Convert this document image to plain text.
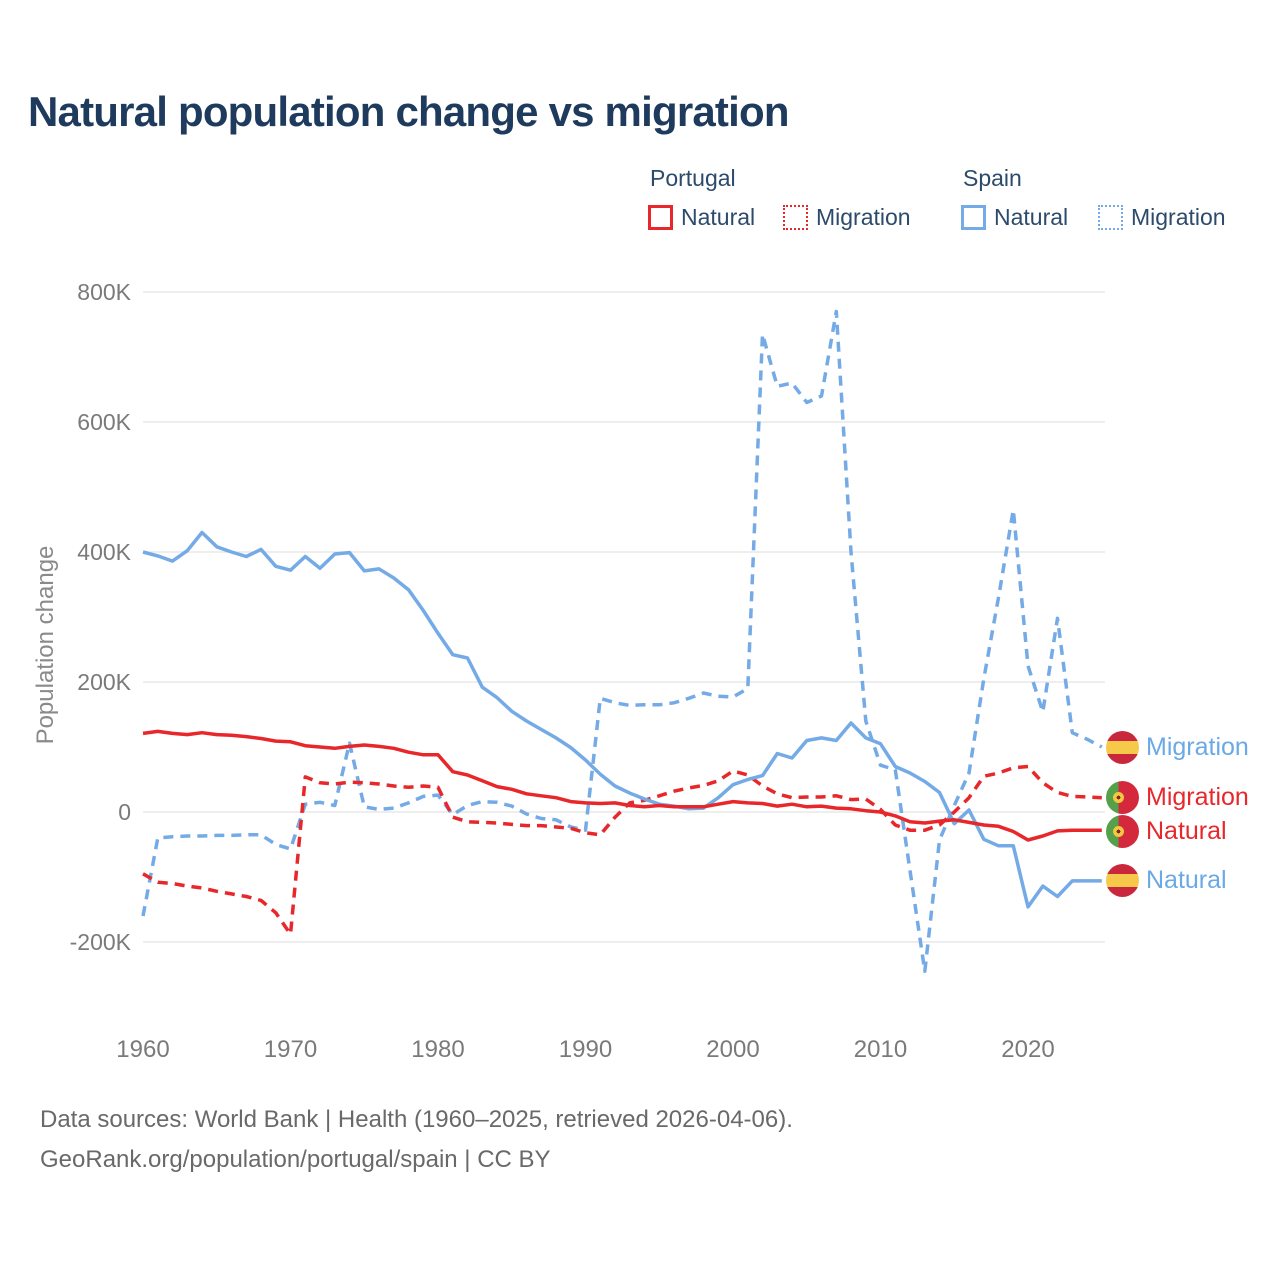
Natural population change vs migration
Portugal
Natural	Migration
Spain
Natural	Migration
Population change
800K
600K
400K
200K
0
-200K
1960	1970	1980	1990	2000	2010	2020
Migration
Migration
Natural
Natural
Data sources: World Bank | Health (1960–2025, retrieved 2026-04-06).
GeoRank.org/population/portugal/spain | CC BY
